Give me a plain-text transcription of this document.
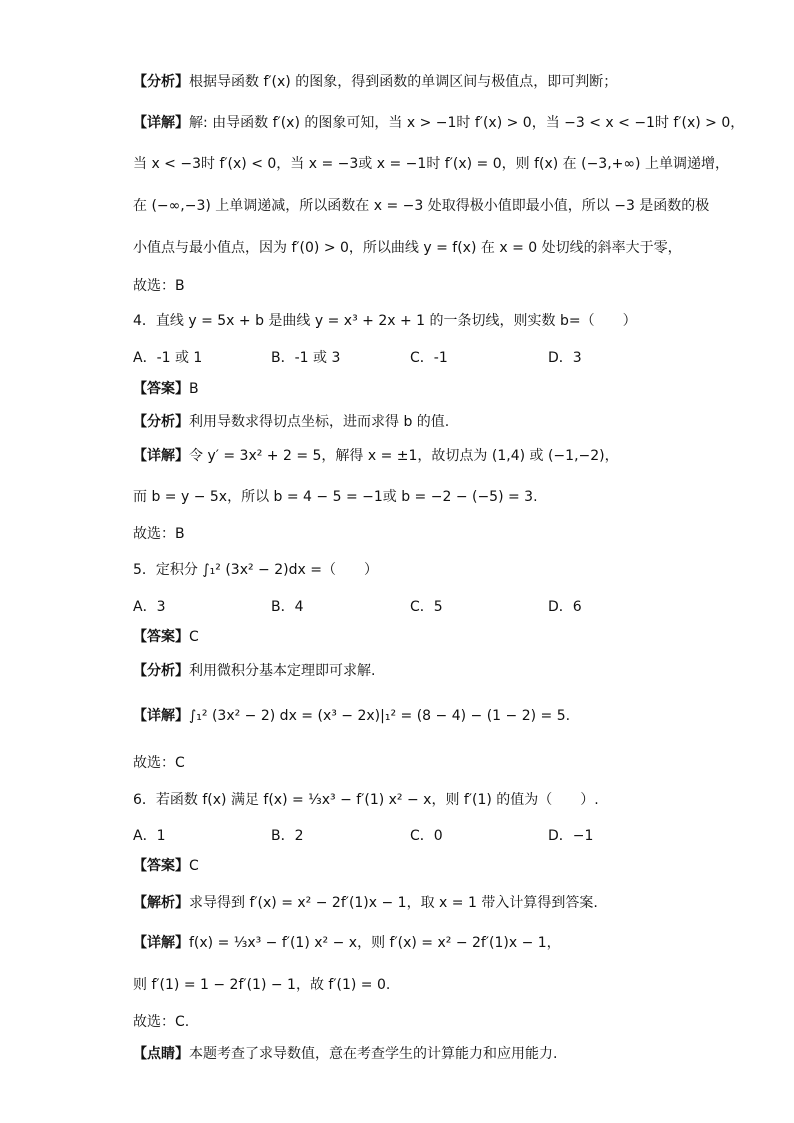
【分析】根据导函数 f′(x) 的图象，得到函数的单调区间与极值点，即可判断；
【详解】解: 由导函数 f′(x) 的图象可知，当 x > −1时 f′(x) > 0，当 −3 < x < −1时 f′(x) > 0，
当 x < −3时 f′(x) < 0，当 x = −3或 x = −1时 f′(x) = 0，则 f(x) 在 (−3,+∞) 上单调递增，
在 (−∞,−3) 上单调递减，所以函数在 x = −3 处取得极小值即最小值，所以 −3 是函数的极
小值点与最小值点，因为 f′(0) > 0，所以曲线 y = f(x) 在 x = 0 处切线的斜率大于零，
故选：B
4．直线 y = 5x + b 是曲线 y = x³ + 2x + 1 的一条切线，则实数 b=（　　）
A．-1 或 1	B．-1 或 3	C．-1	D．3
【答案】B
【分析】利用导数求得切点坐标，进而求得 b 的值.
【详解】令 y′ = 3x² + 2 = 5，解得 x = ±1，故切点为 (1,4) 或 (−1,−2)，
而 b = y − 5x，所以 b = 4 − 5 = −1或 b = −2 − (−5) = 3.
故选：B
5．定积分 ∫₁² (3x² − 2)dx =（　　）
A．3	B．4	C．5	D．6
【答案】C
【分析】利用微积分基本定理即可求解.
【详解】∫₁² (3x² − 2) dx = (x³ − 2x)|₁² = (8 − 4) − (1 − 2) = 5.
故选：C
6．若函数 f(x) 满足 f(x) = ⅓x³ − f′(1) x² − x，则 f′(1) 的值为（　　）.
A．1	B．2	C．0	D．−1
【答案】C
【解析】求导得到 f′(x) = x² − 2f′(1)x − 1，取 x = 1 带入计算得到答案.
【详解】f(x) = ⅓x³ − f′(1) x² − x，则 f′(x) = x² − 2f′(1)x − 1，
则 f′(1) = 1 − 2f′(1) − 1，故 f′(1) = 0.
故选：C.
【点睛】本题考查了求导数值，意在考查学生的计算能力和应用能力.
